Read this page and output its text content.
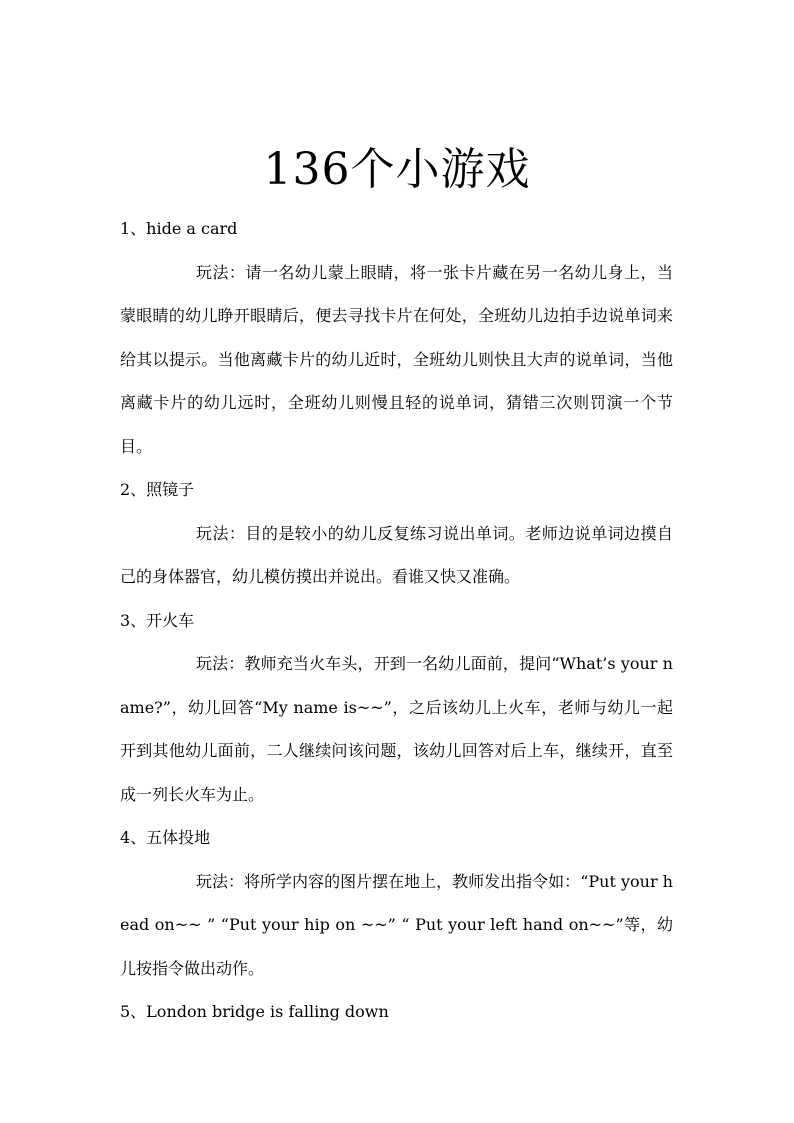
136个小游戏

1、hide a card

玩法：请一名幼儿蒙上眼睛，将一张卡片藏在另一名幼儿身上，当蒙眼睛的幼儿睁开眼睛后，便去寻找卡片在何处，全班幼儿边拍手边说单词来给其以提示。当他离藏卡片的幼儿近时，全班幼儿则快且大声的说单词，当他离藏卡片的幼儿远时，全班幼儿则慢且轻的说单词，猜错三次则罚演一个节目。

2、照镜子

玩法：目的是较小的幼儿反复练习说出单词。老师边说单词边摸自己的身体器官，幼儿模仿摸出并说出。看谁又快又准确。

3、开火车

玩法：教师充当火车头，开到一名幼儿面前，提问“What’s your name?”，幼儿回答“My name is~~”，之后该幼儿上火车，老师与幼儿一起开到其他幼儿面前，二人继续问该问题，该幼儿回答对后上车，继续开，直至成一列长火车为止。

4、五体投地

玩法：将所学内容的图片摆在地上，教师发出指令如：“Put your head on~~ ” “Put your hip on ~~” “ Put your left hand on~~”等，幼儿按指令做出动作。

5、London bridge is falling down
